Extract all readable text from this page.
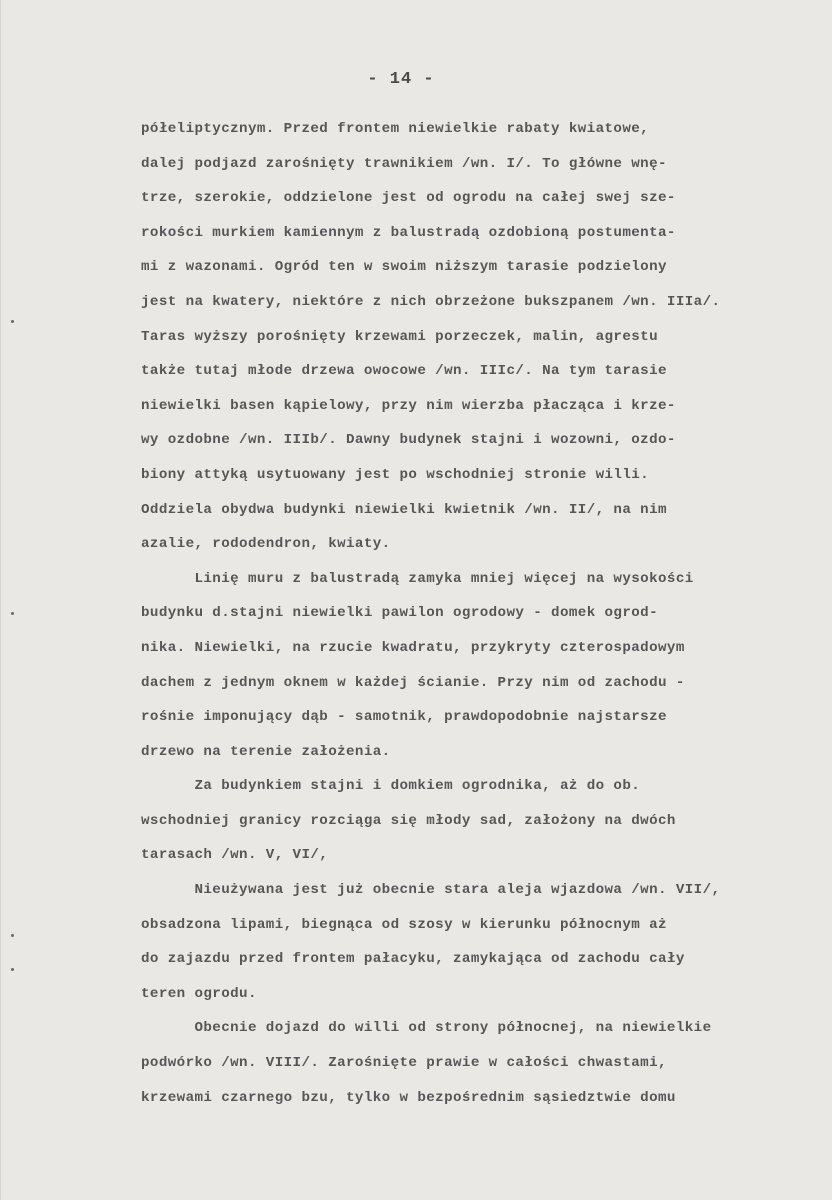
- 14 -
półeliptycznym. Przed frontem niewielkie rabaty kwiatowe,
dalej podjazd zarośnięty trawnikiem /wn. I/. To główne wnę-
trze, szerokie, oddzielone jest od ogrodu na całej swej sze-
rokości murkiem kamiennym z balustradą ozdobioną postumenta-
mi z wazonami. Ogród ten w swoim niższym tarasie podzielony
jest na kwatery, niektóre z nich obrzeżone bukszpanem /wn. IIIa/.
Taras wyższy porośnięty krzewami porzeczek, malin, agrestu
także tutaj młode drzewa owocowe /wn. IIIc/. Na tym tarasie
niewielki basen kąpielowy, przy nim wierzba płacząca i krze-
wy ozdobne /wn. IIIb/. Dawny budynek stajni i wozowni, ozdo-
biony attyką usytuowany jest po wschodniej stronie willi.
Oddziela obydwa budynki niewielki kwietnik /wn. II/, na nim
azalie, rododendron, kwiaty.
Linię muru z balustradą zamyka mniej więcej na wysokości
budynku d.stajni niewielki pawilon ogrodowy - domek ogrod-
nika. Niewielki, na rzucie kwadratu, przykryty czterospadowym
dachem z jednym oknem w każdej ścianie. Przy nim od zachodu -
rośnie imponujący dąb - samotnik, prawdopodobnie najstarsze
drzewo na terenie założenia.
Za budynkiem stajni i domkiem ogrodnika, aż do ob.
wschodniej granicy rozciąga się młody sad, założony na dwóch
tarasach /wn. V, VI/,
Nieużywana jest już obecnie stara aleja wjazdowa /wn. VII/,
obsadzona lipami, biegnąca od szosy w kierunku północnym aż
do zajazdu przed frontem pałacyku, zamykająca od zachodu cały
teren ogrodu.
Obecnie dojazd do willi od strony północnej, na niewielkie
podwórko /wn. VIII/. Zarośnięte prawie w całości chwastami,
krzewami czarnego bzu, tylko w bezpośrednim sąsiedztwie domu
